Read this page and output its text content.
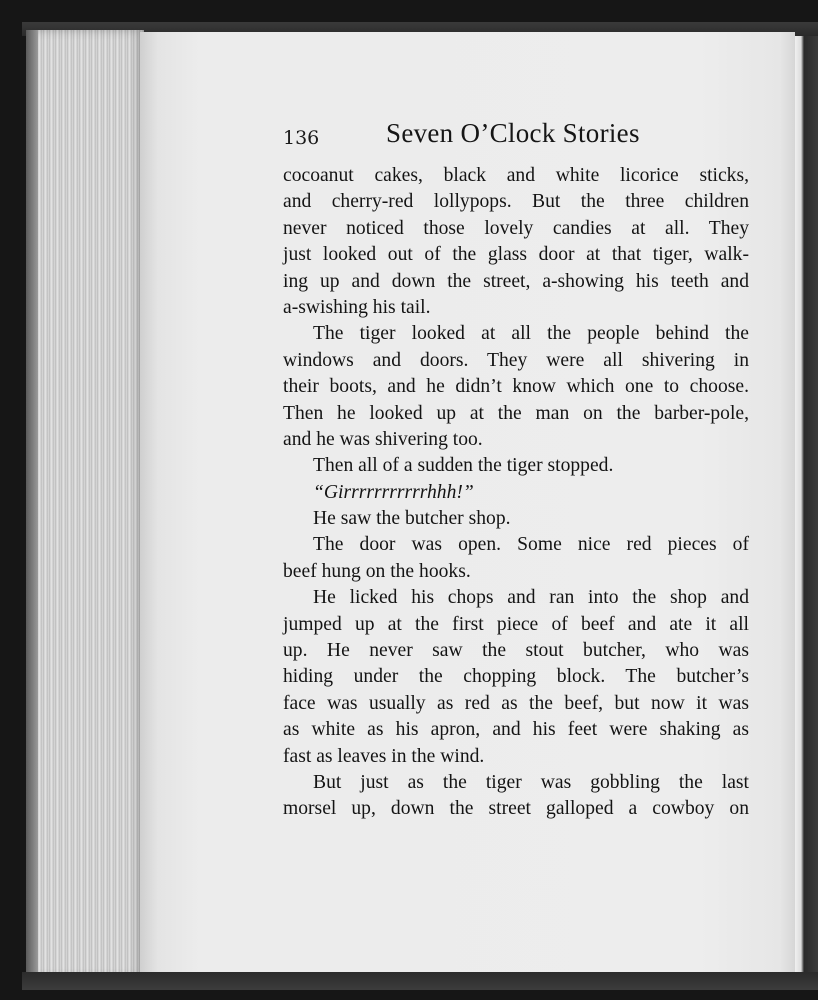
136 Seven O’Clock Stories
cocoanut cakes, black and white licorice sticks,
and cherry-red lollypops. But the three children
never noticed those lovely candies at all. They
just looked out of the glass door at that tiger, walk-
ing up and down the street, a-showing his teeth and
a-swishing his tail.
The tiger looked at all the people behind the
windows and doors. They were all shivering in
their boots, and he didn’t know which one to choose.
Then he looked up at the man on the barber-pole,
and he was shivering too.
Then all of a sudden the tiger stopped.
“Girrrrrrrrrrrhhh!”
He saw the butcher shop.
The door was open. Some nice red pieces of
beef hung on the hooks.
He licked his chops and ran into the shop and
jumped up at the first piece of beef and ate it all
up. He never saw the stout butcher, who was
hiding under the chopping block. The butcher’s
face was usually as red as the beef, but now it was
as white as his apron, and his feet were shaking as
fast as leaves in the wind.
But just as the tiger was gobbling the last
morsel up, down the street galloped a cowboy on
